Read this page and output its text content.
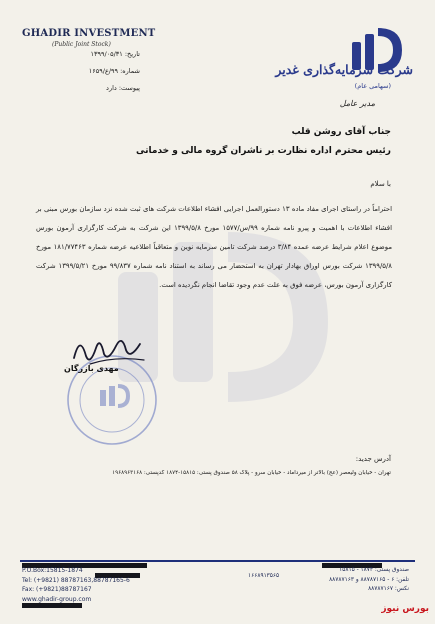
GHADIR INVESTMENT
(Public Joint Stock)
تاریخ: ۱۳۹۹/۰۵/۳۱
شماره: ۹۹/ع/۱۶۵۹
پیوست: دارد
شرکت سرمایه‌گذاری غدیر
(سهامی عام)
مدیر عامل
جناب آقای روشن قلب
رئیس محترم اداره نظارت بر ناشران گروه مالی و خدماتی
با سلام
احتراماً در راستای اجرای مفاد ماده ۱۳ دستورالعمل اجرایی افشاء اطلاعات شرکت های ثبت شده نزد سازمان بورس مبنی بر افشاء اطلاعات با اهمیت و پیرو نامه شماره ۹۹/س/۱۵۷۷ مورخ ۱۳۹۹/۵/۸ این شرکت به شرکت کارگزاری آرمون بورس موضوع اعلام شرایط عرضه عمده ۳/۸۴ درصد شرکت تامین سرمایه نوین و متعاقباً اطلاعیه عرضه شماره ۱۸۱/۷۷۴۶۳ مورخ ۱۳۹۹/۵/۸ شرکت بورس اوراق بهادار تهران به استحضار می رساند به استناد نامه شماره ۹۹/۸۳۷ مورخ ۱۳۹۹/۵/۲۱ شرکت کارگزاری آرمون بورس، عرضه فوق به علت عدم وجود تقاضا انجام نگردیده است.
مهدی بازرگان
آدرس جدید:
تهران - خیابان ولیعصر (عج) بالاتر از میرداماد - خیابان سرو - پلاک ۵۸ صندوق پستی: ۱۵۸۱۵-۱۸۷۴ کدپستی: ۱۹۶۸۹۶۳۱۶۸
P.O.Box:15815-1874
Tel: (+9821) 88787163,88787165-6
Fax: (+9821)88787167
www.ghadir-group.com
۱۶۶۸۹۱۳۵۶۵
صندوق پستی: ۱۸۷۴ - ۱۵۸۱۵
تلفن: ۶ - ۸۸۷۸۷۱۶۵ و ۸۸۷۸۷۱۶۳
نکس: ۸۸۷۸۷۱۶۷
بورس نیوز
